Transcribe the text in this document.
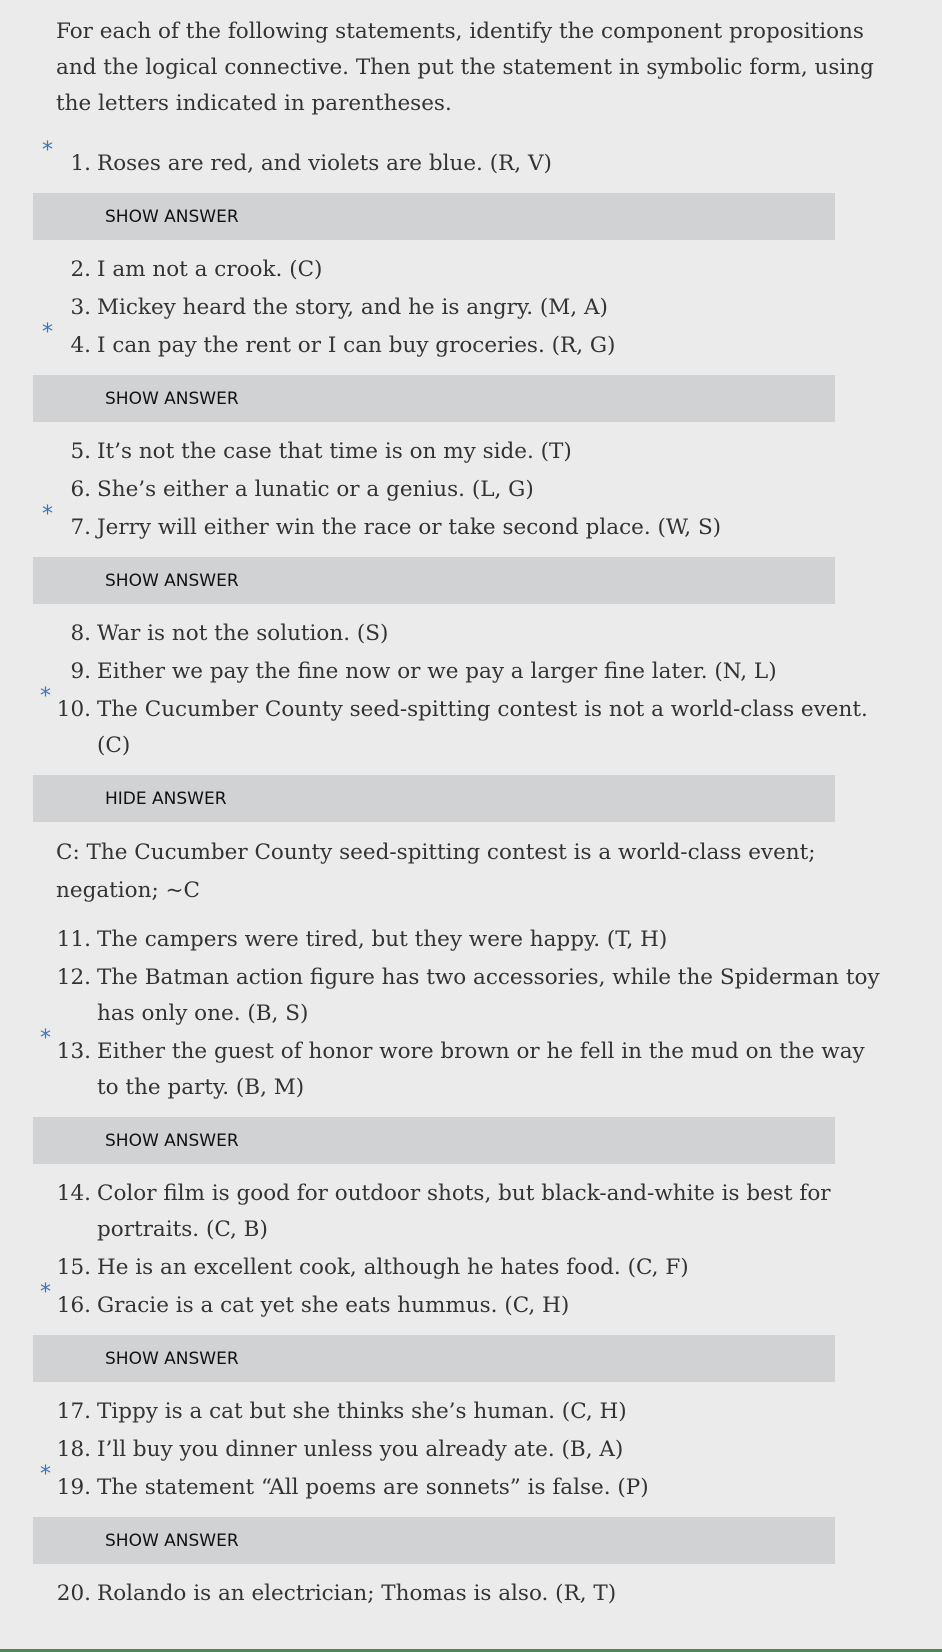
For each of the following statements, identify the component propositions and the logical connective. Then put the statement in symbolic form, using the letters indicated in parentheses.

*
1. Roses are red, and violets are blue. (R, V)
SHOW ANSWER
2. I am not a crook. (C)
3. Mickey heard the story, and he is angry. (M, A)
*
4. I can pay the rent or I can buy groceries. (R, G)
SHOW ANSWER
5. It’s not the case that time is on my side. (T)
6. She’s either a lunatic or a genius. (L, G)
*
7. Jerry will either win the race or take second place. (W, S)
SHOW ANSWER
8. War is not the solution. (S)
9. Either we pay the fine now or we pay a larger fine later. (N, L)
*
10. The Cucumber County seed-spitting contest is not a world-class event. (C)
HIDE ANSWER
C: The Cucumber County seed-spitting contest is a world-class event; negation; ~C
11. The campers were tired, but they were happy. (T, H)
12. The Batman action figure has two accessories, while the Spiderman toy has only one. (B, S)
*
13. Either the guest of honor wore brown or he fell in the mud on the way to the party. (B, M)
SHOW ANSWER
14. Color film is good for outdoor shots, but black-and-white is best for portraits. (C, B)
15. He is an excellent cook, although he hates food. (C, F)
*
16. Gracie is a cat yet she eats hummus. (C, H)
SHOW ANSWER
17. Tippy is a cat but she thinks she’s human. (C, H)
18. I’ll buy you dinner unless you already ate. (B, A)
*
19. The statement “All poems are sonnets” is false. (P)
SHOW ANSWER
20. Rolando is an electrician; Thomas is also. (R, T)
